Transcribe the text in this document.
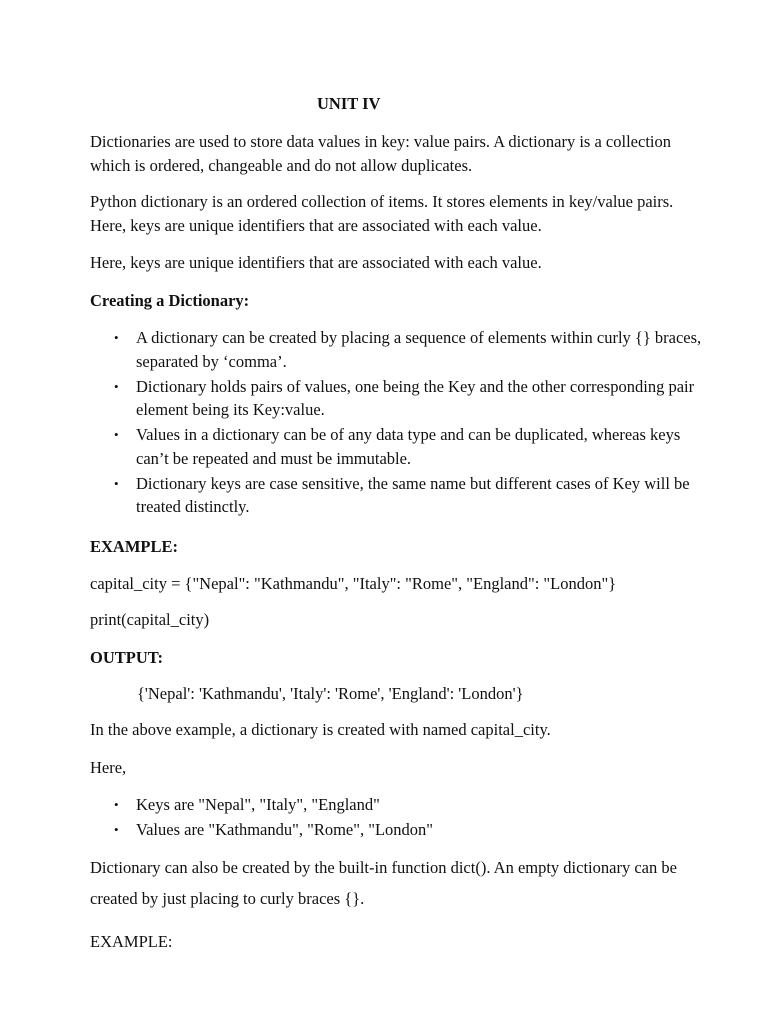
UNIT IV

Dictionaries are used to store data values in key: value pairs. A dictionary is a collection which is ordered, changeable and do not allow duplicates.

Python dictionary is an ordered collection of items. It stores elements in key/value pairs. Here, keys are unique identifiers that are associated with each value.

Here, keys are unique identifiers that are associated with each value.

Creating a Dictionary:

• A dictionary can be created by placing a sequence of elements within curly {} braces, separated by ‘comma’.
• Dictionary holds pairs of values, one being the Key and the other corresponding pair element being its Key:value.
• Values in a dictionary can be of any data type and can be duplicated, whereas keys can’t be repeated and must be immutable.
• Dictionary keys are case sensitive, the same name but different cases of Key will be treated distinctly.

EXAMPLE:

capital_city = {"Nepal": "Kathmandu", "Italy": "Rome", "England": "London"}

print(capital_city)

OUTPUT:

{'Nepal': 'Kathmandu', 'Italy': 'Rome', 'England': 'London'}

In the above example, a dictionary is created with named capital_city.

Here,

• Keys are "Nepal", "Italy", "England"
• Values are "Kathmandu", "Rome", "London"

Dictionary can also be created by the built-in function dict(). An empty dictionary can be created by just placing to curly braces {}.

EXAMPLE:
